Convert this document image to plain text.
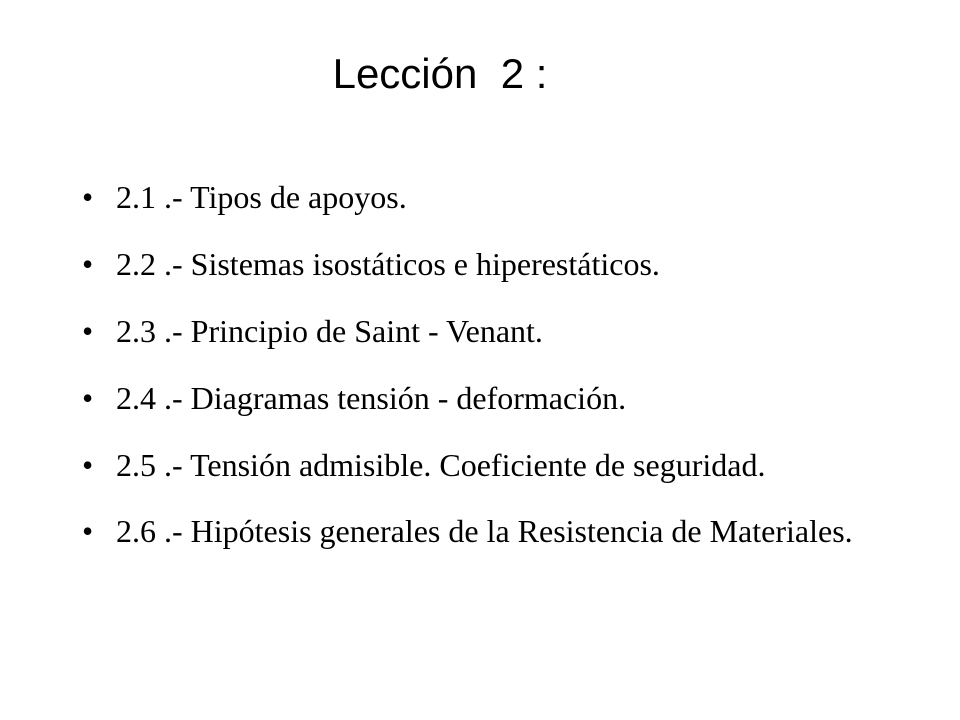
Lección  2 :
• 2.1 .- Tipos de apoyos.
• 2.2 .- Sistemas isostáticos e hiperestáticos.
• 2.3 .- Principio de Saint - Venant.
• 2.4 .- Diagramas tensión - deformación.
• 2.5 .- Tensión admisible. Coeficiente de seguridad.
• 2.6 .- Hipótesis generales de la Resistencia de Materiales.
